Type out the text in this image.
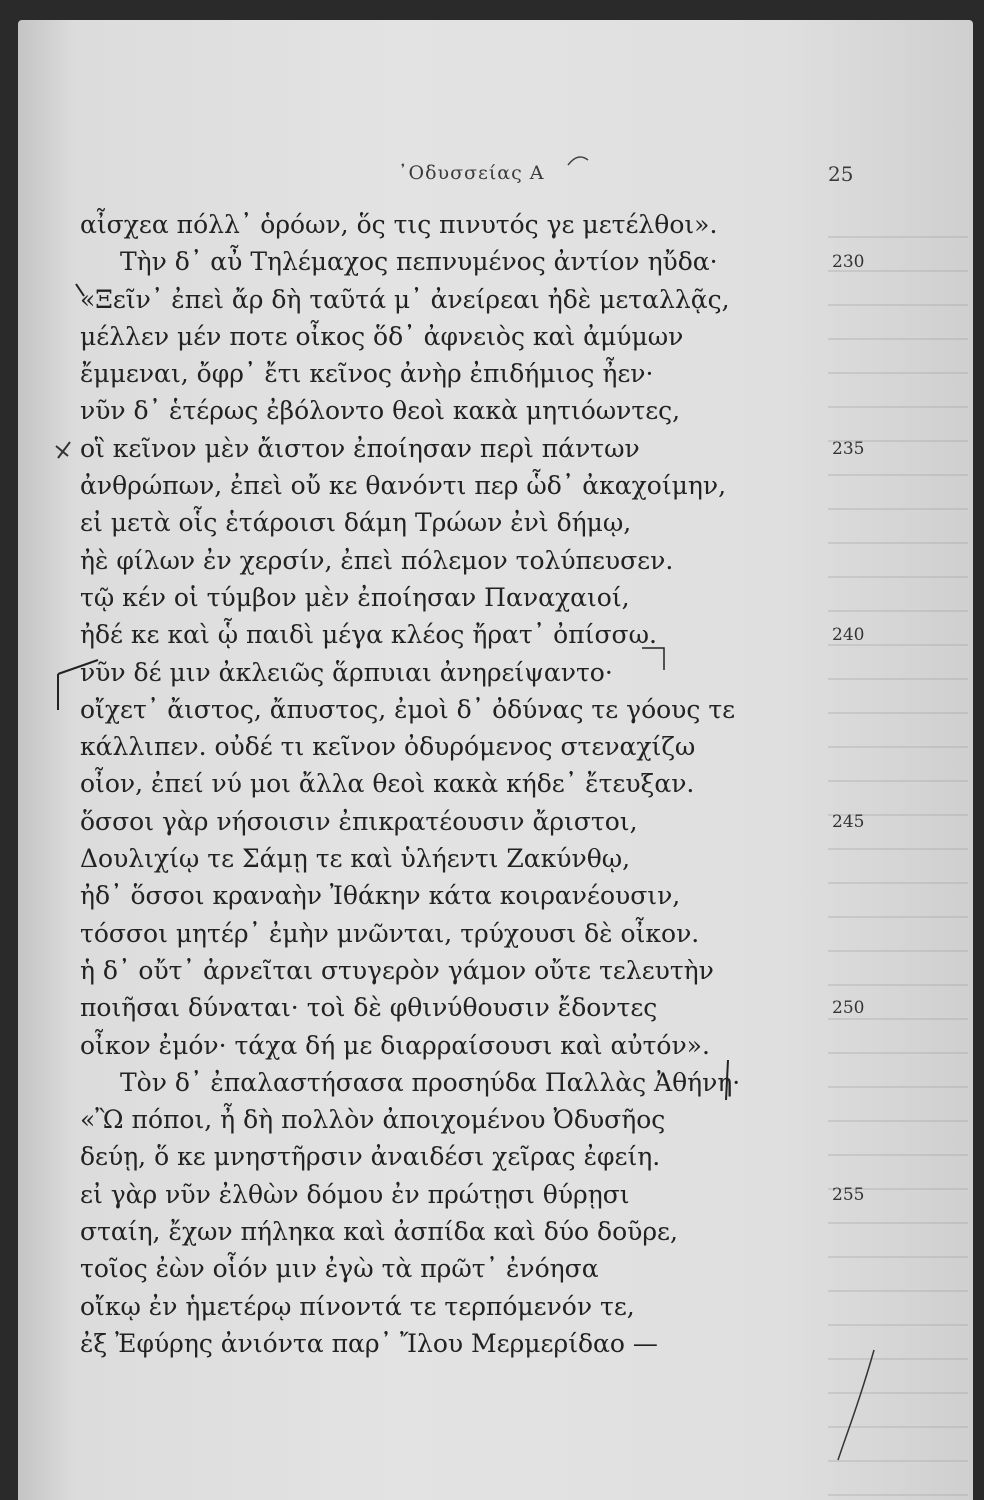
᾽Οδυσσείας Α	25
αἶσχεα πόλλ᾽ ὁρόων, ὅς τις πινυτός γε μετέλθοι».
Τὴν δ᾽ αὖ Τηλέμαχος πεπνυμένος ἀντίον ηὔδα·	230
«Ξεῖν᾽ ἐπεὶ ἄρ δὴ ταῦτά μ᾽ ἀνείρεαι ἠδὲ μεταλλᾷς,
μέλλεν μέν ποτε οἶκος ὅδ᾽ ἀφνειὸς καὶ ἀμύμων
ἔμμεναι, ὄφρ᾽ ἔτι κεῖνος ἀνὴρ ἐπιδήμιος ἦεν·
νῦν δ᾽ ἑτέρως ἐβόλοντο θεοὶ κακὰ μητιόωντες,
οἳ κεῖνον μὲν ἄιστον ἐποίησαν περὶ πάντων	235
ἀνθρώπων, ἐπεὶ οὔ κε θανόντι περ ὧδ᾽ ἀκαχοίμην,
εἰ μετὰ οἷς ἑτάροισι δάμη Τρώων ἐνὶ δήμῳ,
ἠὲ φίλων ἐν χερσίν, ἐπεὶ πόλεμον τολύπευσεν.
τῷ κέν οἱ τύμβον μὲν ἐποίησαν Παναχαιοί,
ἠδέ κε καὶ ᾧ παιδὶ μέγα κλέος ἤρατ᾽ ὀπίσσω.	240
νῦν δέ μιν ἀκλειῶς ἅρπυιαι ἀνηρείψαντο·
οἴχετ᾽ ἄιστος, ἄπυστος, ἐμοὶ δ᾽ ὀδύνας τε γόους τε
κάλλιπεν. οὐδέ τι κεῖνον ὀδυρόμενος στεναχίζω
οἶον, ἐπεί νύ μοι ἄλλα θεοὶ κακὰ κήδε᾽ ἔτευξαν.
ὅσσοι γὰρ νήσοισιν ἐπικρατέουσιν ἄριστοι,	245
Δουλιχίῳ τε Σάμῃ τε καὶ ὑλήεντι Ζακύνθῳ,
ἠδ᾽ ὅσσοι κραναὴν Ἰθάκην κάτα κοιρανέουσιν,
τόσσοι μητέρ᾽ ἐμὴν μνῶνται, τρύχουσι δὲ οἶκον.
ἡ δ᾽ οὔτ᾽ ἀρνεῖται στυγερὸν γάμον οὔτε τελευτὴν
ποιῆσαι δύναται· τοὶ δὲ φθινύθουσιν ἔδοντες	250
οἶκον ἐμόν· τάχα δή με διαρραίσουσι καὶ αὐτόν».
Τὸν δ᾽ ἐπαλαστήσασα προσηύδα Παλλὰς Ἀθήνη·
«Ὢ πόποι, ἦ δὴ πολλὸν ἀποιχομένου Ὀδυσῆος
δεύῃ, ὅ κε μνηστῆρσιν ἀναιδέσι χεῖρας ἐφείη.
εἰ γὰρ νῦν ἐλθὼν δόμου ἐν πρώτῃσι θύρῃσι	255
σταίη, ἔχων πήληκα καὶ ἀσπίδα καὶ δύο δοῦρε,
τοῖος ἐὼν οἷόν μιν ἐγὼ τὰ πρῶτ᾽ ἐνόησα
οἴκῳ ἐν ἡμετέρῳ πίνοντά τε τερπόμενόν τε,
ἐξ Ἐφύρης ἀνιόντα παρ᾽ Ἴλου Μερμερίδαο —
